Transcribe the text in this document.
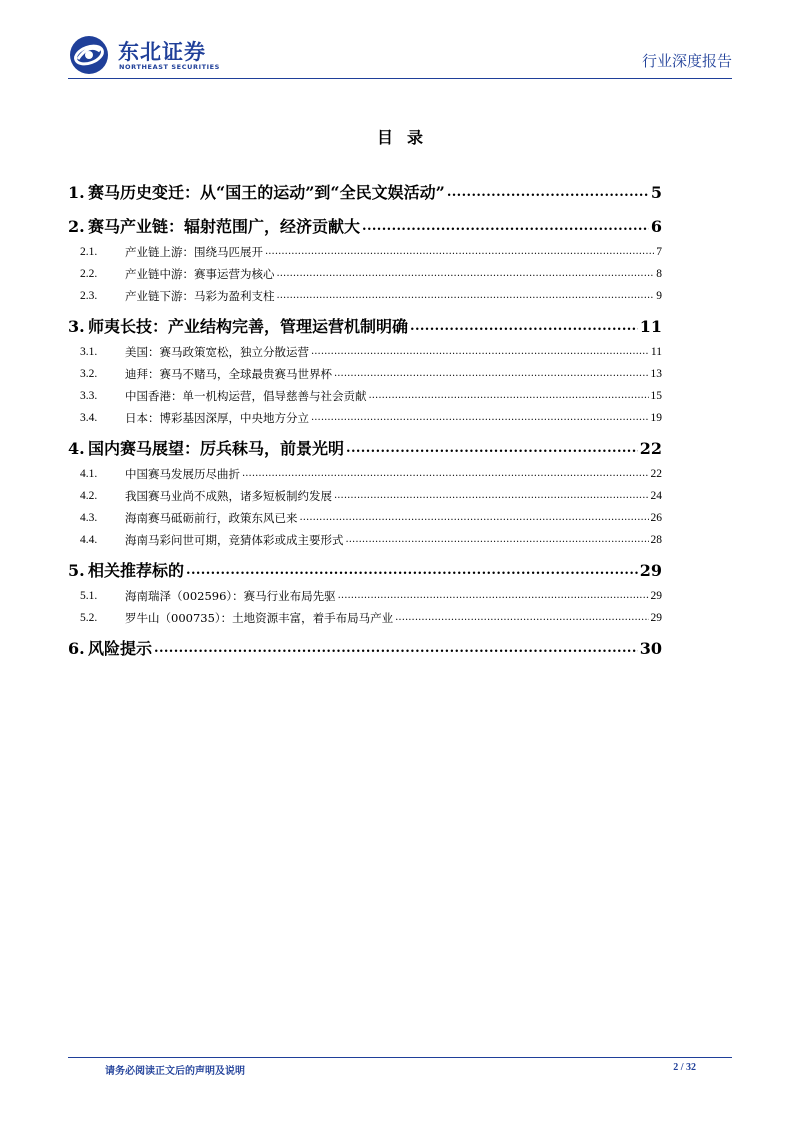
东北证券
NORTHEAST SECURITIES	行业深度报告
目录
1. 赛马历史变迁：从“国王的运动”到“全民文娱活动” .....	5
2. 赛马产业链：辐射范围广，经济贡献大 .....	6
2.1.	产业链上游：围绕马匹展开 .....	7
2.2.	产业链中游：赛事运营为核心 .....	8
2.3.	产业链下游：马彩为盈利支柱 .....	9
3. 师夷长技：产业结构完善，管理运营机制明确 .....	11
3.1.	美国：赛马政策宽松，独立分散运营 .....	11
3.2.	迪拜：赛马不赌马，全球最贵赛马世界杯 .....	13
3.3.	中国香港：单一机构运营，倡导慈善与社会贡献 .....	15
3.4.	日本：博彩基因深厚，中央地方分立 .....	19
4. 国内赛马展望：厉兵秣马，前景光明 .....	22
4.1.	中国赛马发展历尽曲折 .....	22
4.2.	我国赛马业尚不成熟，诸多短板制约发展 .....	24
4.3.	海南赛马砥砺前行，政策东风已来 .....	26
4.4.	海南马彩问世可期，竞猜体彩或成主要形式 .....	28
5. 相关推荐标的 .....	29
5.1.	海南瑞泽（002596）：赛马行业布局先驱 .....	29
5.2.	罗牛山（000735）：土地资源丰富，着手布局马产业 .....	29
6. 风险提示 .....	30
请务必阅读正文后的声明及说明	2 / 32
